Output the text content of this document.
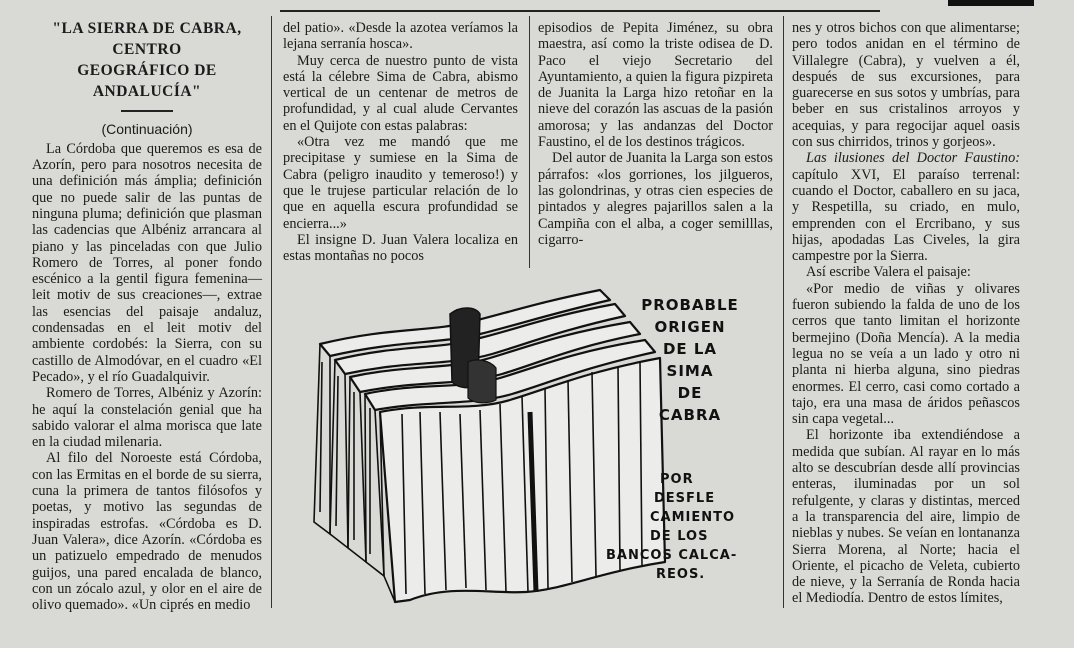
"LA SIERRA DE CABRA, CENTRO
GEOGRÁFICO DE ANDALUCÍA"
(Continuación)

La Córdoba que queremos es esa de Azorín, pero para nosotros necesita de una definición más ámplia; definición que no puede salir de las puntas de ninguna pluma; definición que plasman las cadencias que Albéniz arrancara al piano y las pinceladas con que Julio Romero de Torres, al poner fondo escénico a la gentil figura femenina—leit motiv de sus creaciones—, extrae las esencias del paisaje andaluz, condensadas en el leit motiv del ambiente cordobés: la Sierra, con su castillo de Almodóvar, en el cuadro «El Pecado», y el río Guadalquivir.

Romero de Torres, Albéniz y Azorín: he aquí la constelación genial que ha sabido valorar el alma morisca que late en la ciudad milenaria.

Al filo del Noroeste está Córdoba, con las Ermitas en el borde de su sierra, cuna la primera de tantos filósofos y poetas, y motivo las segundas de inspiradas estrofas. «Córdoba es D. Juan Valera», dice Azorín. «Córdoba es un patizuelo empedrado de menudos guijos, una pared encalada de blanco, con un zócalo azul, y olor en el aire de olivo quemado». «Un ciprés en medio

del patio». «Desde la azotea veríamos la lejana serranía hosca».

Muy cerca de nuestro punto de vista está la célebre Sima de Cabra, abismo vertical de un centenar de metros de profundidad, y al cual alude Cervantes en el Quijote con estas palabras:

«Otra vez me mandó que me precipitase y sumiese en la Sima de Cabra (peligro inaudito y temeroso!) y que le trujese particular relación de lo que en aquella escura profundidad se encierra...»

El insigne D. Juan Valera localiza en estas montañas no pocos

episodios de Pepita Jiménez, su obra maestra, así como la triste odisea de D. Paco el viejo Secretario del Ayuntamiento, a quien la figura pizpireta de Juanita la Larga hizo retoñar en la nieve del corazón las ascuas de la pasión amorosa; y las andanzas del Doctor Faustino, el de los destinos trágicos.

Del autor de Juanita la Larga son estos párrafos: «los gorriones, los jilgueros, las golondrinas, y otras cien especies de pintados y alegres pajarillos salen a la Campiña con el alba, a coger semilllas, cigarro-

nes y otros bichos con que alimentarse; pero todos anidan en el término de Villalegre (Cabra), y vuelven a él, después de sus excursiones, para guarecerse en sus sotos y umbrías, para beber en sus cristalinos arroyos y acequias, y para regocijar aquel oasis con sus chirridos, trinos y gorjeos».

Las ilusiones del Doctor Faustino: capítulo XVI, El paraíso terrenal: cuando el Doctor, caballero en su jaca, y Respetilla, su criado, en mulo, emprenden con el Ercribano, y sus hijas, apodadas Las Civeles, la gira campestre por la Sierra.

Así escribe Valera el paisaje:

«Por medio de viñas y olivares fueron subiendo la falda de uno de los cerros que tanto limitan el horizonte bermejino (Doña Mencía). A la media legua no se veía a un lado y otro ni planta ni hierba alguna, sino piedras enormes. El cerro, casi como cortado a tajo, era una masa de áridos peñascos sin capa vegetal...

El horizonte iba extendiéndose a medida que subían. Al rayar en lo más alto se descubrían desde allí provincias enteras, iluminadas por un sol refulgente, y claras y distintas, merced a la transparencia del aire, limpio de nieblas y nubes. Se veían en lontananza Sierra Morena, al Norte; hacia el Oriente, el picacho de Veleta, cubierto de nieve, y la Serranía de Ronda hacia el Mediodía. Dentro de estos límites,

PROBABLE
ORIGEN
DE LA
SIMA
DE
CABRA
POR
DESFLE
CAMIENTO
DE LOS
BANCOS CALCA-
REOS.
